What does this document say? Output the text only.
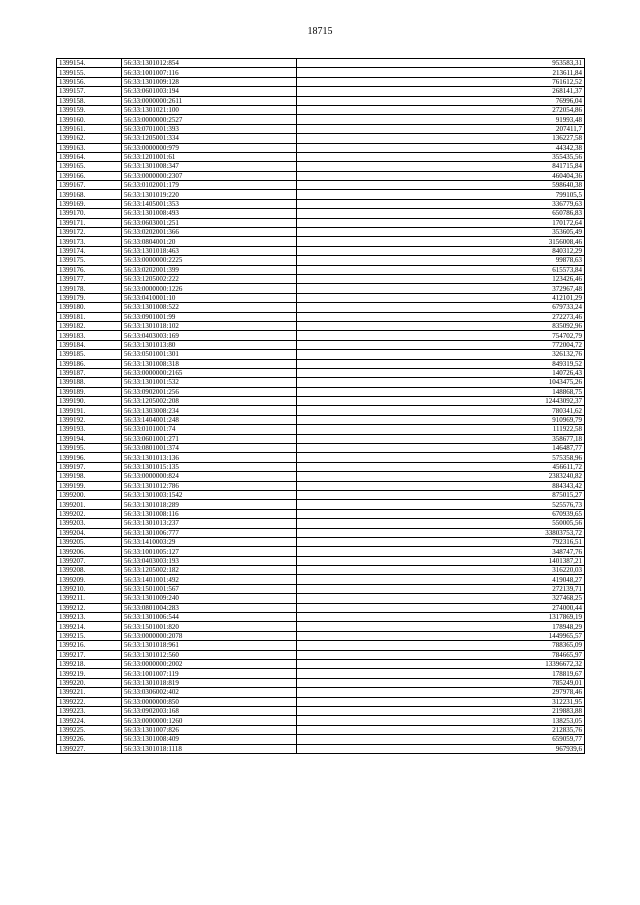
18715
1399154.	56:33:1301012:854	953583,31
1399155.	56:33:1001007:116	213611,84
1399156.	56:33:1301009:128	761612,52
1399157.	56:33:0601003:194	268141,37
1399158.	56:33:0000000:2611	76996,04
1399159.	56:33:1301021:100	272054,86
1399160.	56:33:0000000:2527	91993,48
1399161.	56:33:0701001:393	207411,7
1399162.	56:33:1205001:334	136227,58
1399163.	56:33:0000000:979	44342,38
1399164.	56:33:1201001:61	355435,56
1399165.	56:33:1301008:347	841715,84
1399166.	56:33:0000000:2307	460404,36
1399167.	56:33:0102001:179	598640,38
1399168.	56:33:1301019:220	799105,5
1399169.	56:33:1405001:353	336779,63
1399170.	56:33:1301008:493	650786,83
1399171.	56:33:0603001:251	170172,64
1399172.	56:33:0202001:366	353605,49
1399173.	56:33:0804001:20	3156008,46
1399174.	56:33:1301018:463	840312,29
1399175.	56:33:0000000:2225	99878,63
1399176.	56:33:0202001:399	615573,84
1399177.	56:33:1205002:222	123426,46
1399178.	56:33:0000000:1226	372967,48
1399179.	56:33:0410001:10	412101,29
1399180.	56:33:1301008:522	679733,24
1399181.	56:33:0901001:99	272273,46
1399182.	56:33:1301018:102	835092,96
1399183.	56:33:0403003:169	754702,79
1399184.	56:33:1301013:80	772004,72
1399185.	56:33:0501001:301	326132,76
1399186.	56:33:1301008:318	849319,52
1399187.	56:33:0000000:2165	140726,43
1399188.	56:33:1301001:532	1043475,26
1399189.	56:33:0902001:256	148868,75
1399190.	56:33:1205002:208	12443092,37
1399191.	56:33:1303008:234	780341,62
1399192.	56:33:1404001:248	910969,79
1399193.	56:33:0101001:74	111922,58
1399194.	56:33:0601001:271	358677,18
1399195.	56:33:0801001:374	146487,77
1399196.	56:33:1301013:136	575358,96
1399197.	56:33:1301015:135	456611,72
1399198.	56:33:0000000:824	2383240,82
1399199.	56:33:1301012:786	884343,42
1399200.	56:33:1301003:1542	875015,27
1399201.	56:33:1301018:289	525576,73
1399202.	56:33:1301008:116	670939,65
1399203.	56:33:1301013:237	550005,56
1399204.	56:33:1301006:777	33803753,72
1399205.	56:33:1410003:29	792316,51
1399206.	56:33:1001005:127	348747,76
1399207.	56:33:0403003:193	1401387,21
1399208.	56:33:1205002:182	316220,03
1399209.	56:33:1401001:492	419048,27
1399210.	56:33:1501001:567	272139,71
1399211.	56:33:1301009:240	327468,25
1399212.	56:33:0801004:283	274000,44
1399213.	56:33:1301006:544	1317869,19
1399214.	56:33:1501001:820	178948,29
1399215.	56:33:0000000:2078	1449965,57
1399216.	56:33:1301018:961	788365,09
1399217.	56:33:1301012:560	784665,97
1399218.	56:33:0000000:2002	13396672,32
1399219.	56:33:1001007:119	178819,67
1399220.	56:33:1301018:819	785249,01
1399221.	56:33:0306002:402	297978,46
1399222.	56:33:0000000:850	312231,95
1399223.	56:33:0902003:168	219883,88
1399224.	56:33:0000000:1260	138253,05
1399225.	56:33:1301007:826	212835,76
1399226.	56:33:1301008:409	659059,77
1399227.	56:33:1301018:1118	967939,6
